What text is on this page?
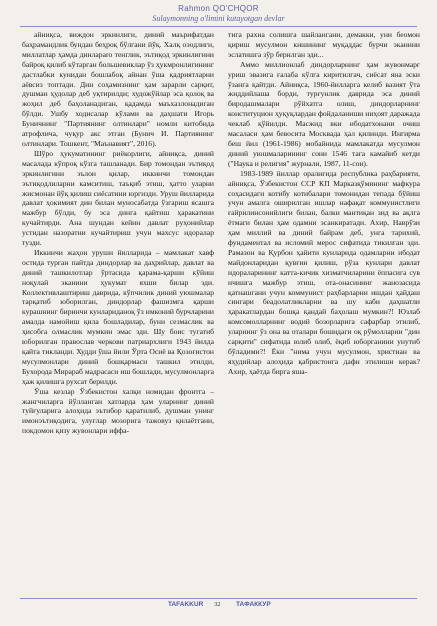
Rahmon QO'CHQOR
Sulaymonning o'limini kutayotgan devlar

айниқса, виждон эркинлиги, диний маърифатдан баҳрамандлик бундан беҳроқ бўлгани йўқ. Халқ оэодлиги, миллатлар ҳамда динларaro тенглик, эътиқод эркинлигини байроқ қилиб кўтарган большевиклар ўз ҳукмронлигининг дастлабки кунидан бошлабоқ айнан ўша қадриятларни аёвсиз топтади. Дин соҳамизнинг ҳам зарарли сарқит, душман ҳудолар деб уқтирилди; художўйлар эса қолоқ ва жоҳил деб баҳоланадиган, қадамда маъхазлонадиган бўлди. Ушбу ходисалар кўлами ва даҳшати Игорь Буничнинг "Партиянинг олтинлари" номли китобида атрофлича, чуқур акс этган (Бунич И. Партиянинг олтинлари. Тошкент, "Маънавият", 2016).

Шўро ҳукуматининг риёкорлиги, айниқса, диний масалада кўпроқ кўзга ташланади. Бир томондан эътиқод эркинлигини эълон қилар, иккинчи томондан эътиқодлиларни камситиш, таъқиб этиш, ҳатто уларни жисмонан йўқ қилиш сиёсатини юргизди. Уруш йилларида давлат ҳокимият дин билан муносабатда ўзгариш ясашга мажбур бўлди, бу эса динга қайтиш ҳаракатини кучайтирди. Ана шундан кейин давлат руҳонийлар устидан назоратни кучайтириш учун махсус идоралар тузди.

Иккинчи жаҳон уруши йилларида – мамлакат хавф остида турган пайтда диндорлар ва даҳрийлар, давлат ва диний ташкилотлар ўртасида қарама-қарши кўйиш ноқулай эканини ҳукумат яхши билар эди. Коллективлаштириш даврида, кўпчилик диний уюшмалар тарқатиб юборилган, диндорлар фашизмга қарши курашнинг биринчи кунлариданоқ ўз имконий бурчларини амалда намойиш қила бошладилар, буни сезмаслик ва ҳисобга олмаслик мумкин эмас эди. Шу боис тугатиб юборилган православ черкови патриархлиги 1943 йилда қайта тикланди. Худди ўша йили Ўрта Осиё ва Қозоғистон мусулмонлари диний бошқармаси ташкил этилди, Бухорода Мирараб мадрасаси иш бошлади, мусулмонларга ҳаж қилишга рухсат берилди.

Ўша кезлар Ўзбекистон халқи номидан фронтга – жангчиларга йўлланган хатларда ҳам уларнинг диний туйғуларига алоҳида эътибор қаратилиб, душман унинг имонэътиқодига, улуғлар мозорига тажовуз қилаётгани, покдомон қизу жувонлари иффа-

тига рахна солишга шайлангани, демакки, уни беомон қириш мусулмон кишининг муқаддас бурчи эканини эслатишга зўр берилган эди...

Аммо миллионлаб диндорларнинг ҳам жувонмарг уриш эвазига ғалаба кўлга киритилгач, сиёсат яна эски ўзанга қайтди. Айниқса, 1960-йилларга келиб вазият ўта жиддийлаша борди, турғунлик даврида эса диний биродашмалари рўйхатга олиш, диндорларнинг конституцион ҳуқуқлардан фойдаланиши ниҳоят даражада чеклаб қўйилди. Масжид вки ибодатхонани очиш масаласи ҳам бевосита Москвада ҳал қилинди. Ингирма беш йил (1961-1986) мобайнида мамлакатда мусулмон диний уюшмаларининг сони 1546 тага камайиб кетди ("Наука и религия" журнали, 1987, 11-сон).

1983-1989 йиллар оралиғида республика раҳбарияти, айниқса, Ўзбекистон ССР КП Марказқўмининг мафкура соҳасидаги котибу котибалари томонидан тепада бўйиш учун амалга оширилган ишлар нафақат коммунистлиги ғайрилинсонийлиги билан, балки мантиқан зид ва ақлга ётмаги билан ҳам одамни эсанкиратади. Ахир, Наврўзи ҳам миллий ва диний байрам деб, унга тарихий, фундаментал ва исломий мерос сифатида тикилган эди. Рамазон ва Қурбон ҳайити кунларида одамларни ибодат майдонларидан қувғин қилиш, рўза кунлари давлат идораларининг катта-кичик хизматчиларини ёппасига сув ичишга мажбур этиш, ота-онасининг жанозасида қатнашгани учун коммунист раҳбарларни ишдан ҳайдаш сингари беадолатликларни ва шу каби даҳшатли ҳаракатлардан бошқа қандай баҳолаш мумкин?! Юзлаб комсомолларнинг водий бозорларига сафарбар этилиб, уларнинг ўз она ва оталари бошидаги оқ рўмолларни "дин сарқити" сифатида юлиб олиб, ёқиб юборганини унутиб бўладими?! Ёки "нима учун мусулмон, христиан ва яҳудийлар алоҳида қабристонга дафн этилиши керак? Ахир, ҳаётда бирга яша-

TAFAKKUR 32 ТАФАККУР
